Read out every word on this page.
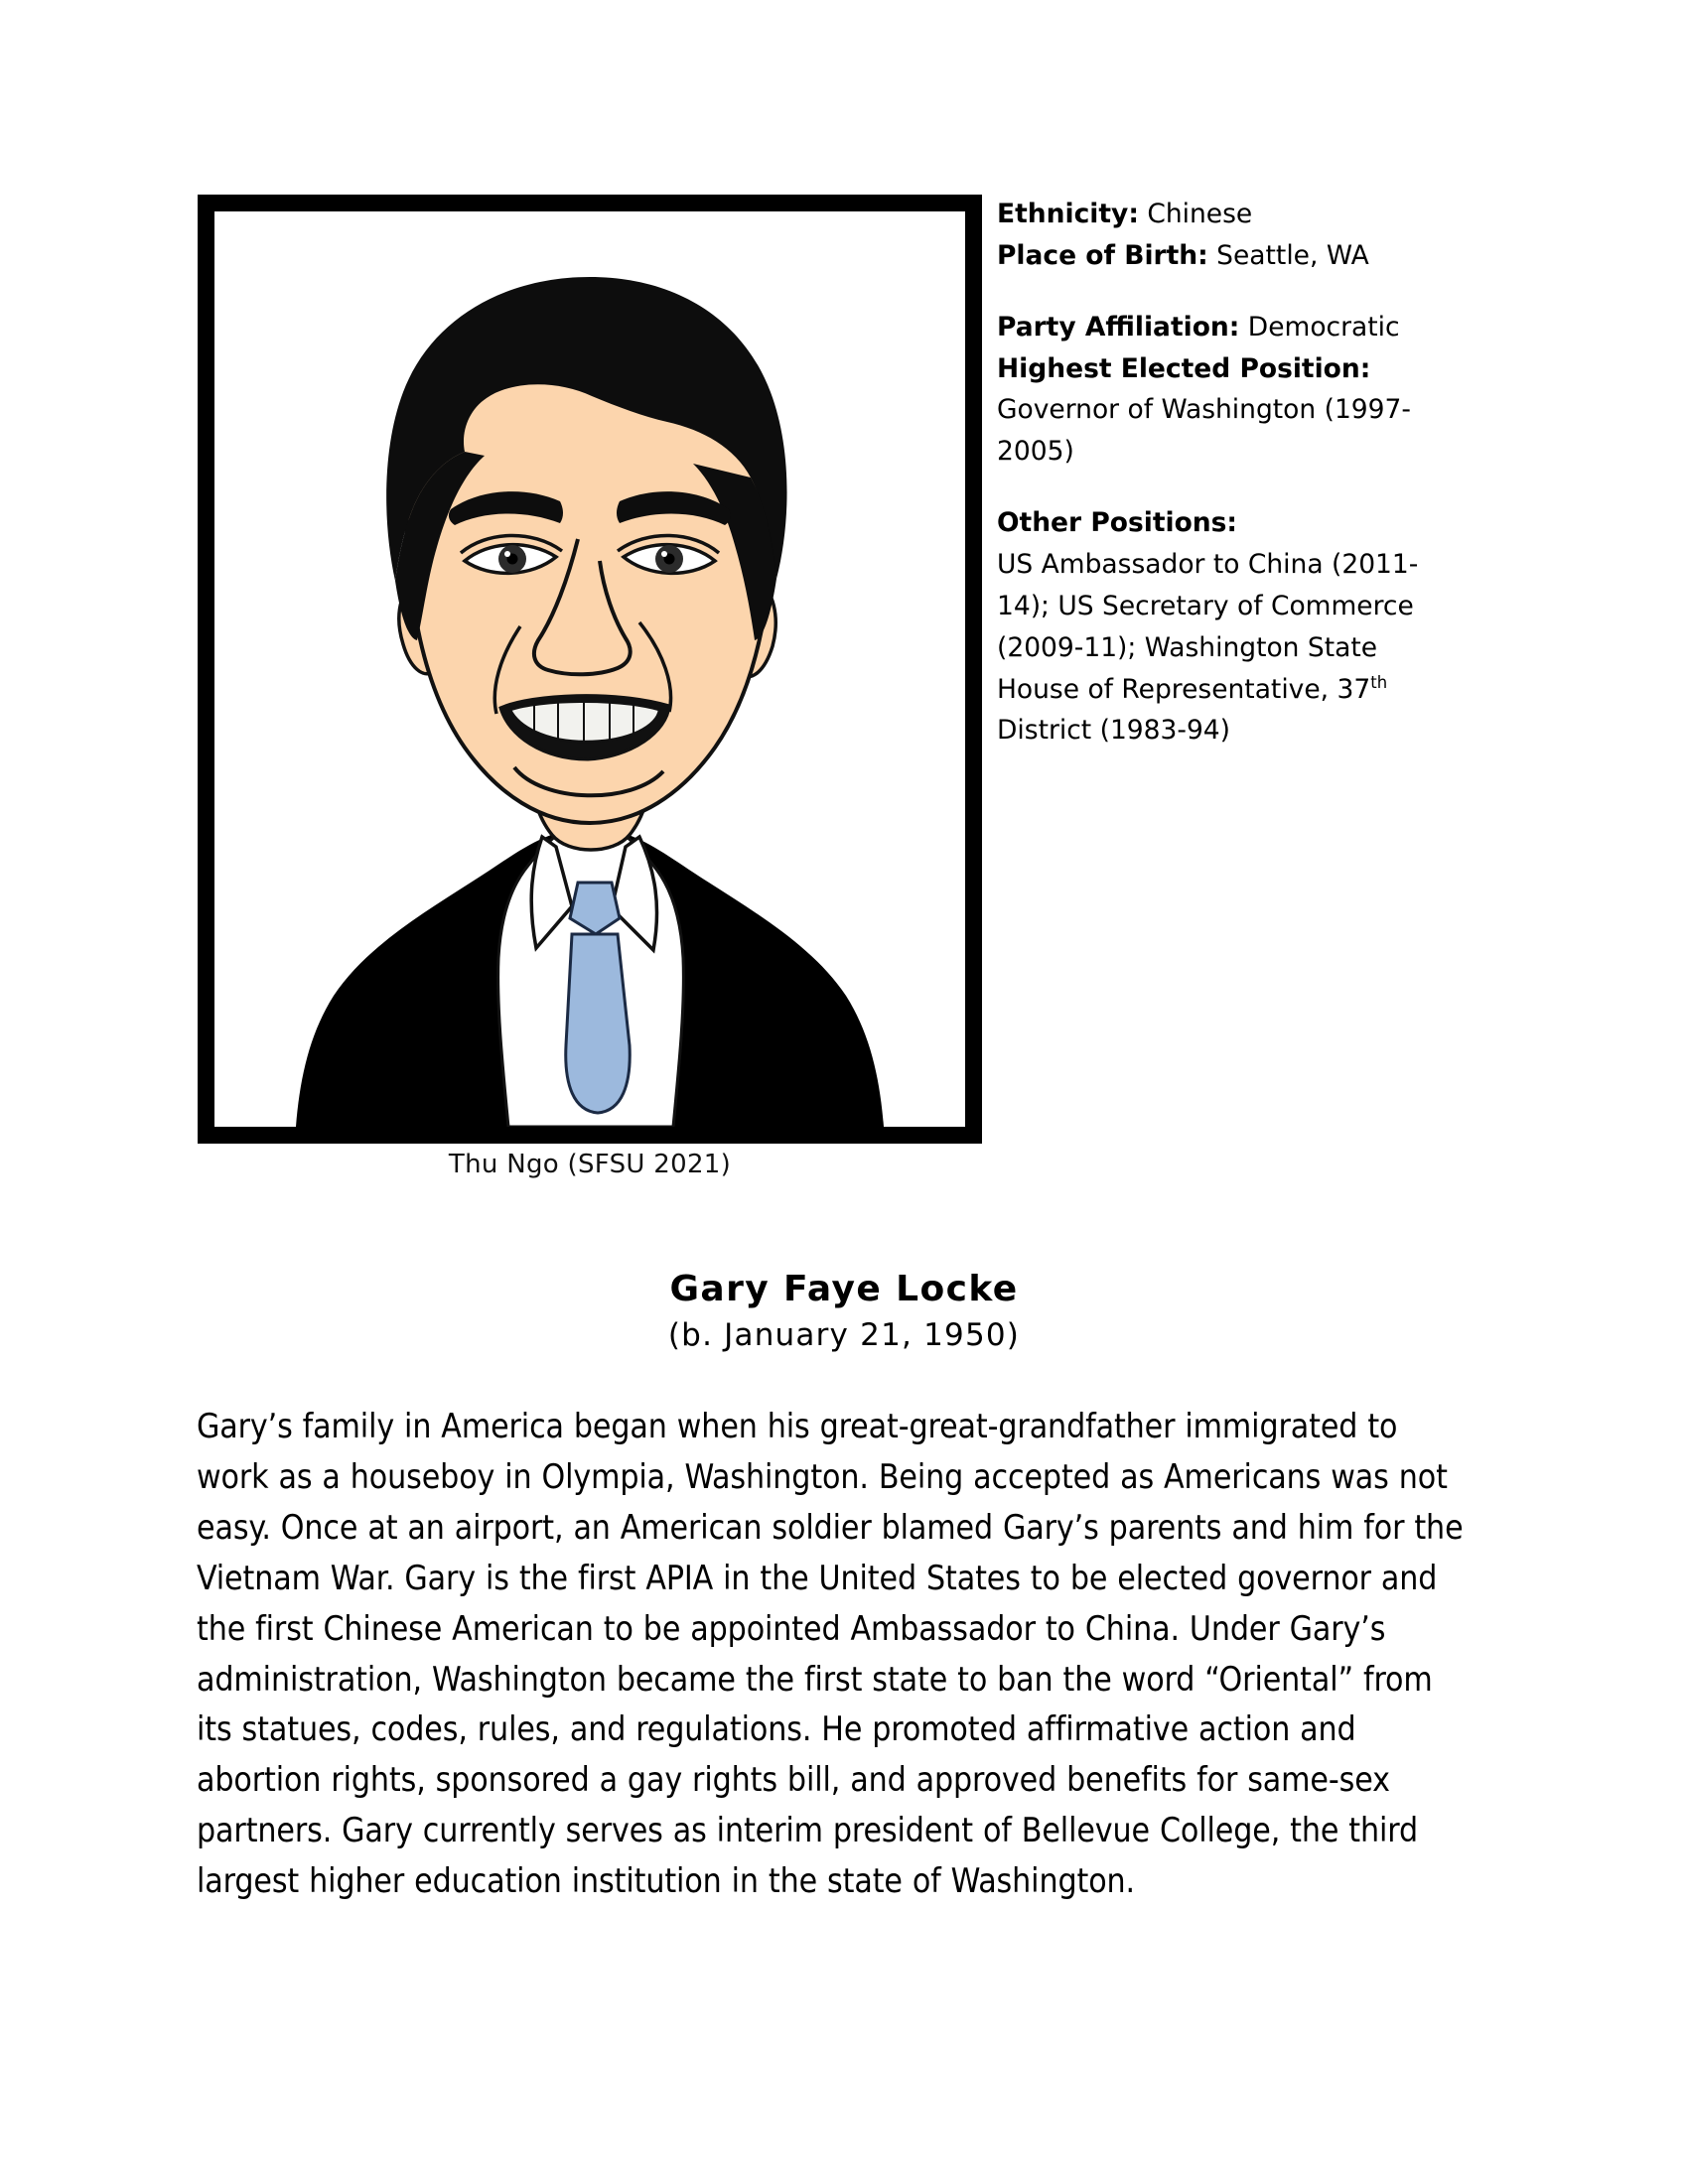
Thu Ngo (SFSU 2021)
Ethnicity: Chinese
Place of Birth: Seattle, WA
Party Affiliation: Democratic
Highest Elected Position:
Governor of Washington (1997-2005)
Other Positions:
US Ambassador to China (2011-14); US Secretary of Commerce (2009-11); Washington State House of Representative, 37th District (1983-94)
Gary Faye Locke
(b. January 21, 1950)
Gary’s family in America began when his great-great-grandfather immigrated to work as a houseboy in Olympia, Washington. Being accepted as Americans was not easy. Once at an airport, an American soldier blamed Gary’s parents and him for the Vietnam War. Gary is the first APIA in the United States to be elected governor and the first Chinese American to be appointed Ambassador to China. Under Gary’s administration, Washington became the first state to ban the word “Oriental” from its statues, codes, rules, and regulations. He promoted affirmative action and abortion rights, sponsored a gay rights bill, and approved benefits for same-sex partners. Gary currently serves as interim president of Bellevue College, the third largest higher education institution in the state of Washington.
